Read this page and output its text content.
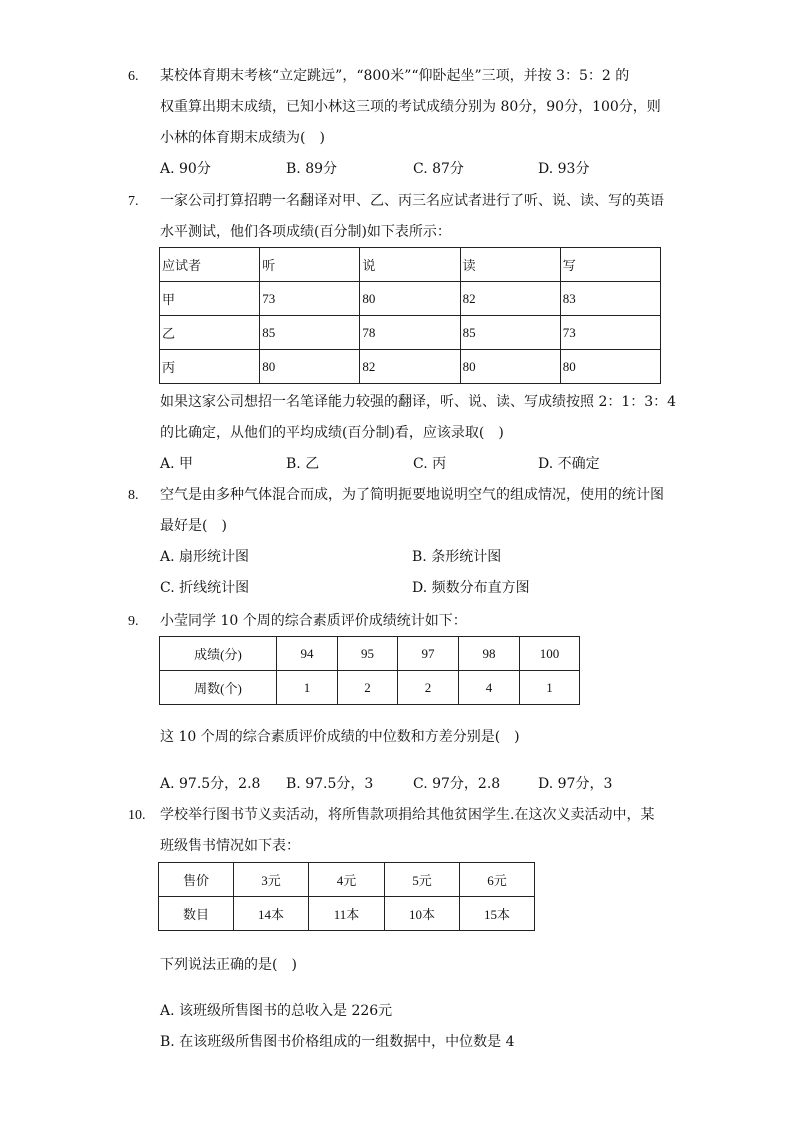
6.	某校体育期末考核“立定跳远”，“800米”“仰卧起坐”三项，并按 3：5：2 的
权重算出期末成绩，已知小林这三项的考试成绩分别为 80分，90分，100分，则
小林的体育期末成绩为(　)
A. 90分	B. 89分	C. 87分	D. 93分
7.	一家公司打算招聘一名翻译对甲、乙、丙三名应试者进行了听、说、读、写的英语
水平测试，他们各项成绩(百分制)如下表所示：
应试者	听	说	读	写
甲	73	80	82	83
乙	85	78	85	73
丙	80	82	80	80
如果这家公司想招一名笔译能力较强的翻译，听、说、读、写成绩按照 2：1：3：4
的比确定，从他们的平均成绩(百分制)看，应该录取(　)
A. 甲	B. 乙	C. 丙	D. 不确定
8.	空气是由多种气体混合而成，为了简明扼要地说明空气的组成情况，使用的统计图
最好是(　)
A. 扇形统计图	B. 条形统计图
C. 折线统计图	D. 频数分布直方图
9.	小莹同学 10 个周的综合素质评价成绩统计如下：
成绩(分)	94	95	97	98	100
周数(个)	1	2	2	4	1
这 10 个周的综合素质评价成绩的中位数和方差分别是(　)
A. 97.5分，2.8 B. 97.5分，3	C. 97分，2.8	D. 97分，3
10.	学校举行图书节义卖活动，将所售款项捐给其他贫困学生.在这次义卖活动中，某
班级售书情况如下表：
售价	3元	4元	5元	6元
数目	14本	11本	10本	15本
下列说法正确的是(　)
A. 该班级所售图书的总收入是 226元
B. 在该班级所售图书价格组成的一组数据中，中位数是 4
